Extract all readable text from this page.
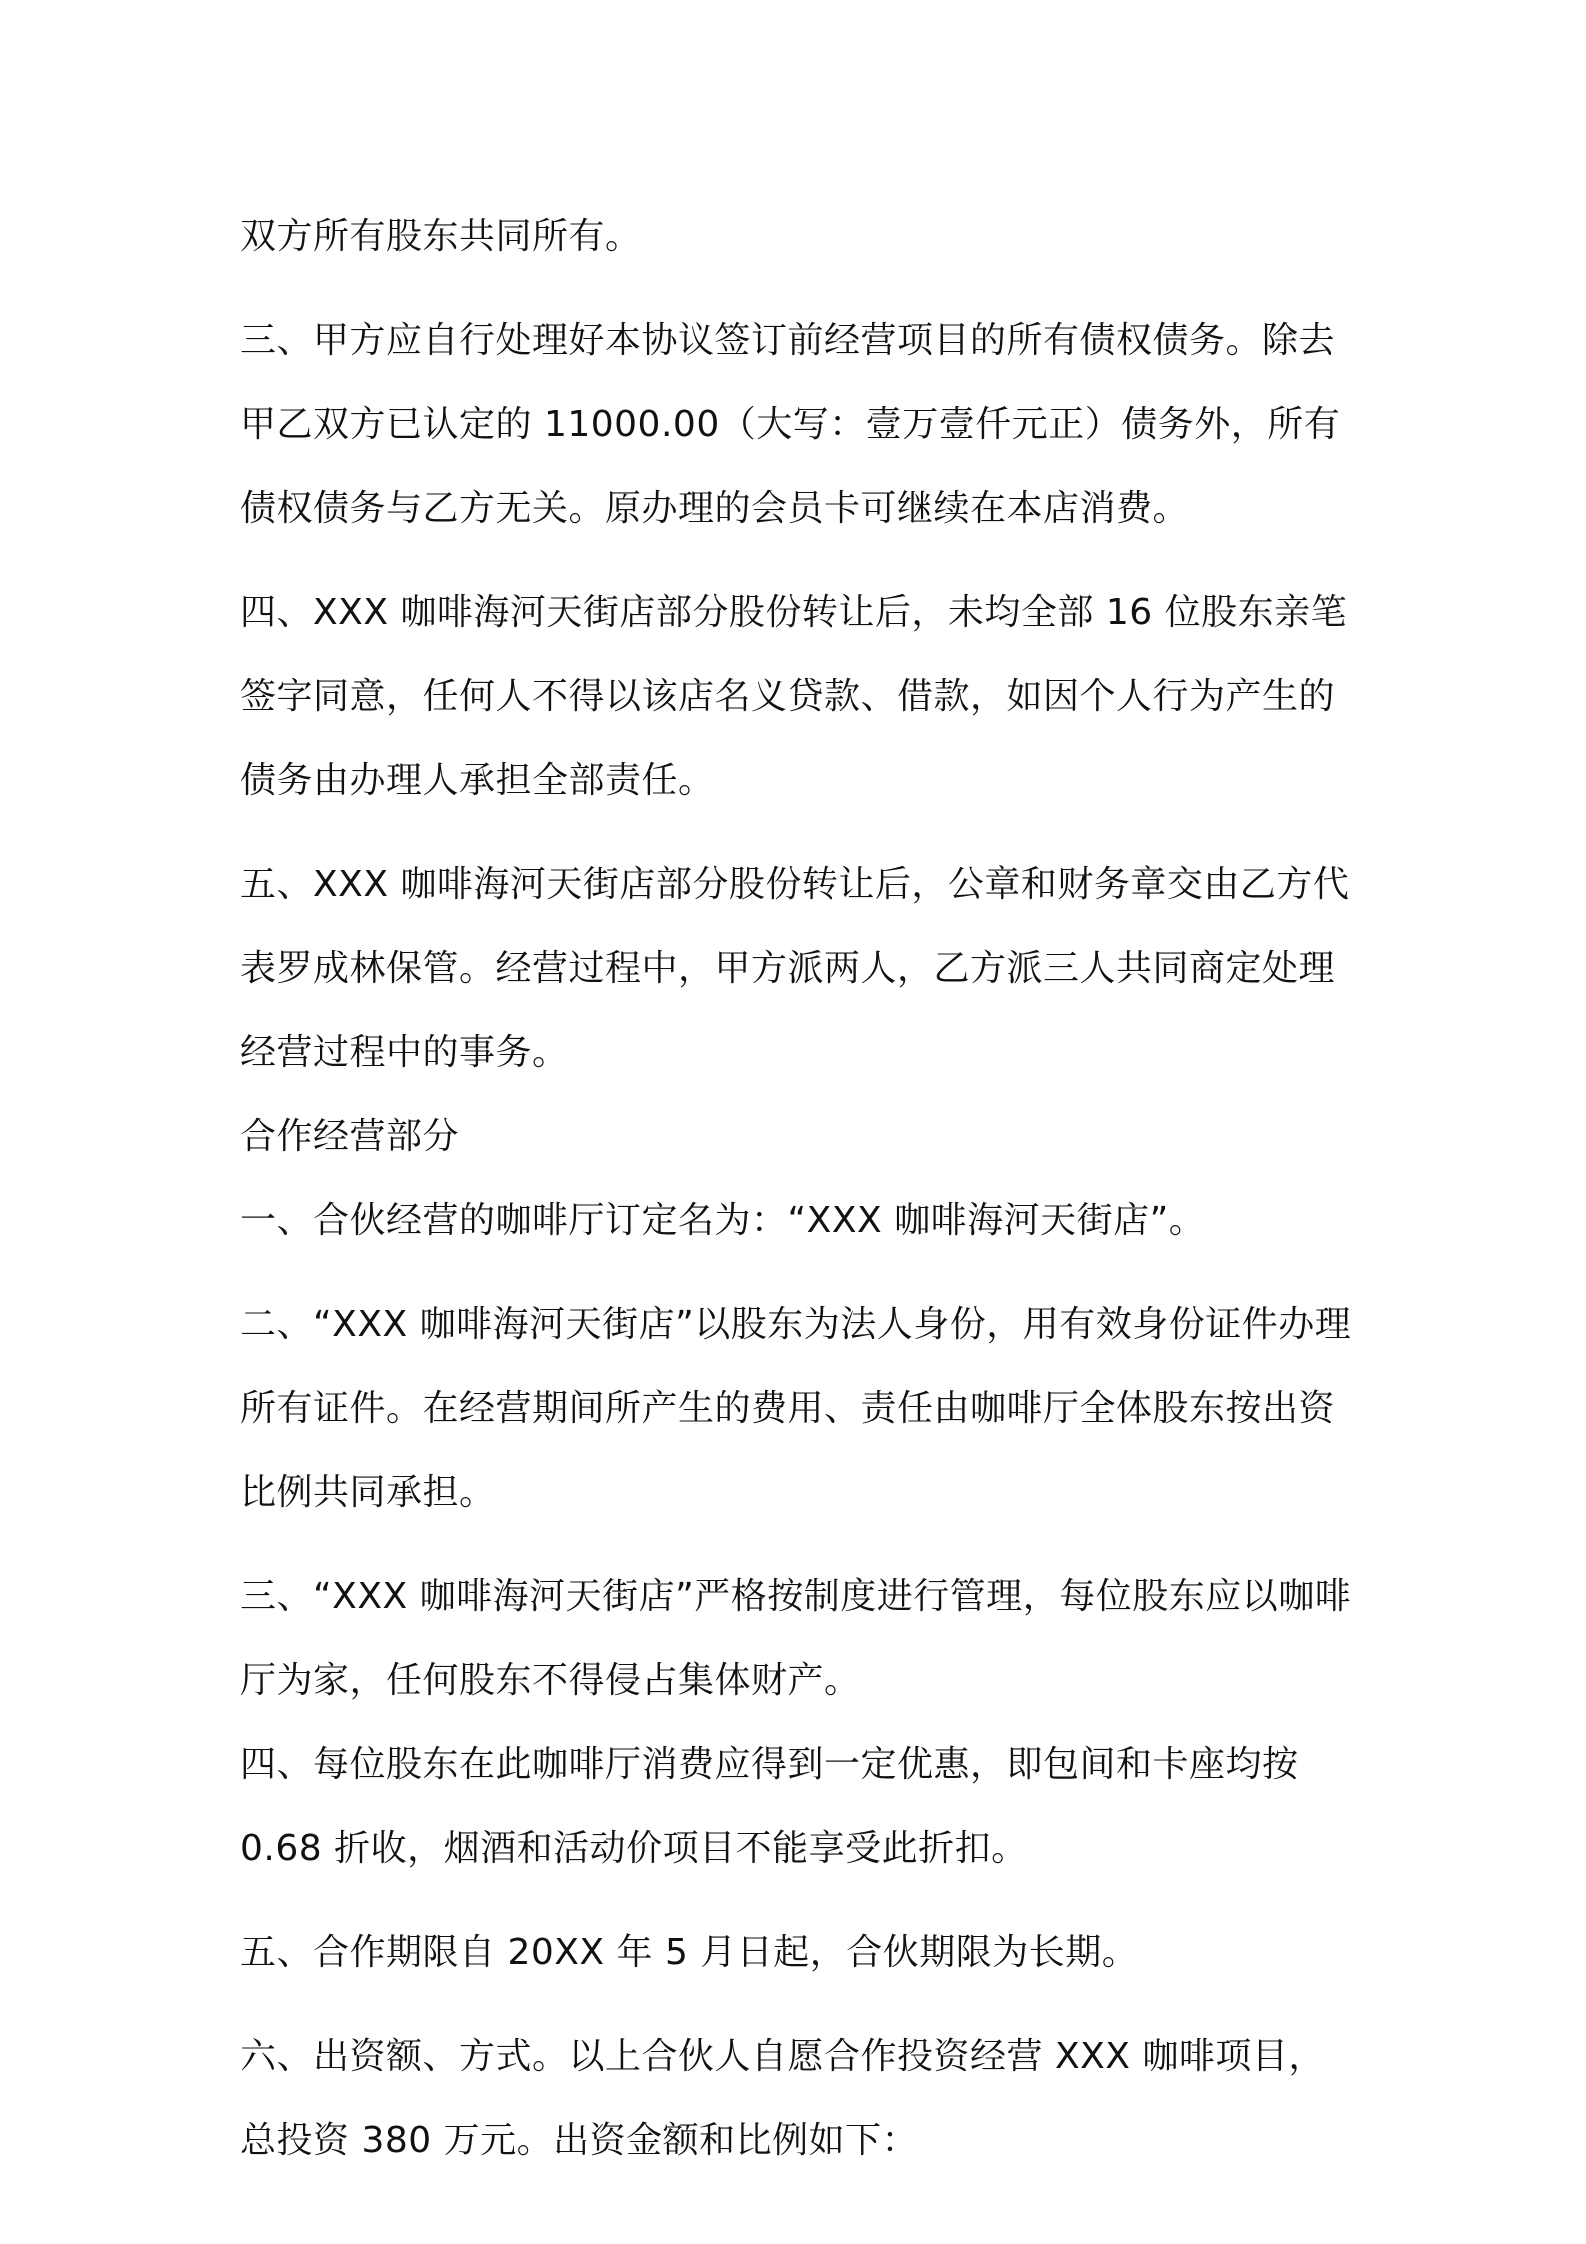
双方所有股东共同所有。

三、甲方应自行处理好本协议签订前经营项目的所有债权债务。除去甲乙双方已认定的 11000.00（大写：壹万壹仟元正）债务外，所有债权债务与乙方无关。原办理的会员卡可继续在本店消费。

四、XXX 咖啡海河天街店部分股份转让后，未均全部 16 位股东亲笔签字同意，任何人不得以该店名义贷款、借款，如因个人行为产生的债务由办理人承担全部责任。

五、XXX 咖啡海河天街店部分股份转让后，公章和财务章交由乙方代表罗成林保管。经营过程中，甲方派两人，乙方派三人共同商定处理经营过程中的事务。

合作经营部分

一、合伙经营的咖啡厅订定名为：“XXX 咖啡海河天街店”。

二、“XXX 咖啡海河天街店”以股东为法人身份，用有效身份证件办理所有证件。在经营期间所产生的费用、责任由咖啡厅全体股东按出资比例共同承担。

三、“XXX 咖啡海河天街店”严格按制度进行管理，每位股东应以咖啡厅为家，任何股东不得侵占集体财产。

四、每位股东在此咖啡厅消费应得到一定优惠，即包间和卡座均按 0.68 折收，烟酒和活动价项目不能享受此折扣。

五、合作期限自 20XX 年 5 月日起，合伙期限为长期。

六、出资额、方式。以上合伙人自愿合作投资经营 XXX 咖啡项目，总投资 380 万元。出资金额和比例如下：
